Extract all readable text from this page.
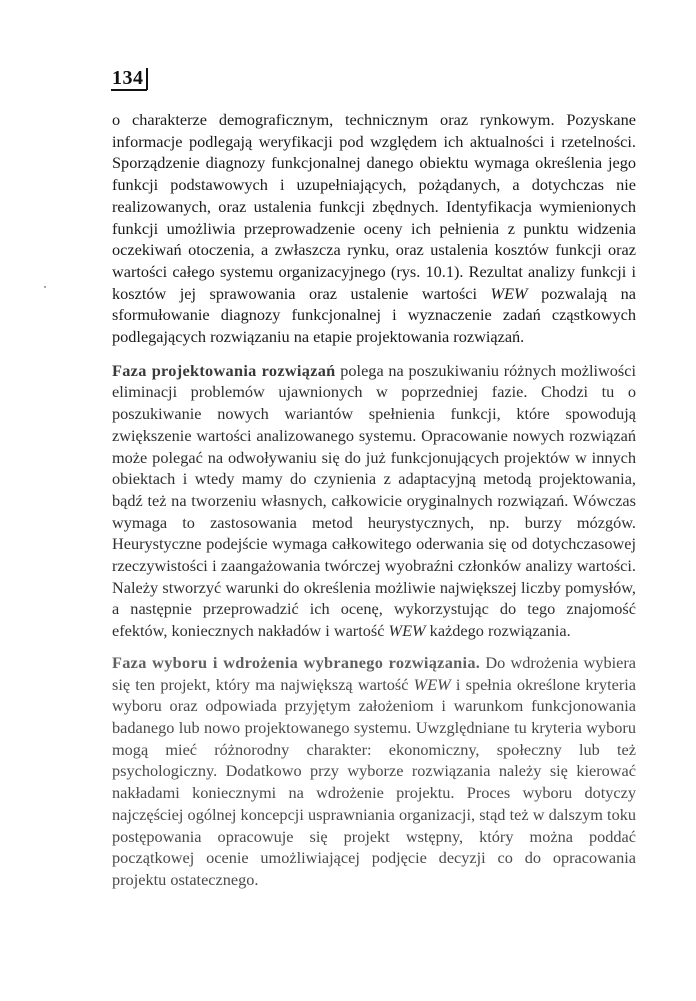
134

o charakterze demograficznym, technicznym oraz rynkowym. Pozyskane informacje podlegają weryfikacji pod względem ich aktualności i rzetelności. Sporządzenie diagnozy funkcjonalnej danego obiektu wymaga określenia jego funkcji podstawowych i uzupełniających, pożądanych, a dotychczas nie realizowanych, oraz ustalenia funkcji zbędnych. Identyfikacja wymienionych funkcji umożliwia przeprowadzenie oceny ich pełnienia z punktu widzenia oczekiwań otoczenia, a zwłaszcza rynku, oraz ustalenia kosztów funkcji oraz wartości całego systemu organizacyjnego (rys. 10.1). Rezultat analizy funkcji i kosztów jej sprawowania oraz ustalenie wartości WEW pozwalają na sformułowanie diagnozy funkcjonalnej i wyznaczenie zadań cząstkowych podlegających rozwiązaniu na etapie projektowania rozwiązań.

Faza projektowania rozwiązań polega na poszukiwaniu różnych możliwości eliminacji problemów ujawnionych w poprzedniej fazie. Chodzi tu o poszukiwanie nowych wariantów spełnienia funkcji, które spowodują zwiększenie wartości analizowanego systemu. Opracowanie nowych rozwiązań może polegać na odwoływaniu się do już funkcjonujących projektów w innych obiektach i wtedy mamy do czynienia z adaptacyjną metodą projektowania, bądź też na tworzeniu własnych, całkowicie oryginalnych rozwiązań. Wówczas wymaga to zastosowania metod heurystycznych, np. burzy mózgów. Heurystyczne podejście wymaga całkowitego oderwania się od dotychczasowej rzeczywistości i zaangażowania twórczej wyobraźni członków analizy wartości. Należy stworzyć warunki do określenia możliwie największej liczby pomysłów, a następnie przeprowadzić ich ocenę, wykorzystując do tego znajomość efektów, koniecznych nakładów i wartość WEW każdego rozwiązania.

Faza wyboru i wdrożenia wybranego rozwiązania. Do wdrożenia wybiera się ten projekt, który ma największą wartość WEW i spełnia określone kryteria wyboru oraz odpowiada przyjętym założeniom i warunkom funkcjonowania badanego lub nowo projektowanego systemu. Uwzględniane tu kryteria wyboru mogą mieć różnorodny charakter: ekonomiczny, społeczny lub też psychologiczny. Dodatkowo przy wyborze rozwiązania należy się kierować nakładami koniecznymi na wdrożenie projektu. Proces wyboru dotyczy najczęściej ogólnej koncepcji usprawniania organizacji, stąd też w dalszym toku postępowania opracowuje się projekt wstępny, który można poddać początkowej ocenie umożliwiającej podjęcie decyzji co do opracowania projektu ostatecznego.
